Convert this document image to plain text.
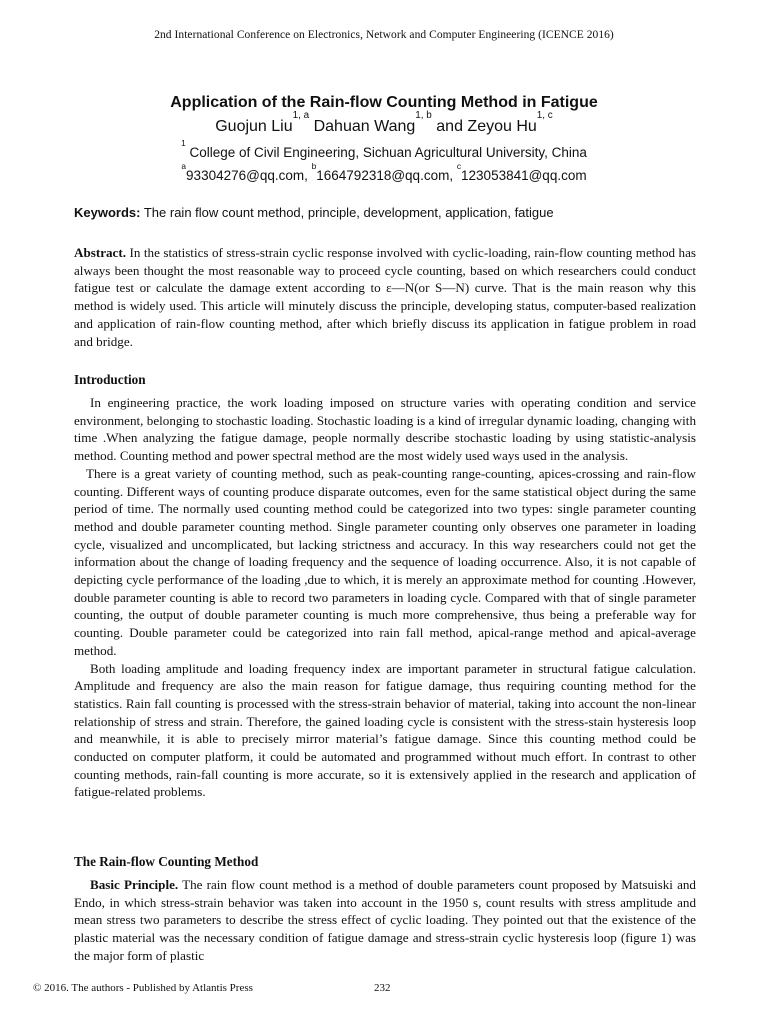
2nd International Conference on Electronics, Network and Computer Engineering (ICENCE 2016)
Application of the Rain-flow Counting Method in Fatigue
Guojun Liu$^{1, a}$ Dahuan Wang$^{1, b}$ and Zeyou Hu$^{1, c}$
$^1$ College of Civil Engineering, Sichuan Agricultural University, China
$^a$93304276@qq.com, $^b$1664792318@qq.com, $^c$123053841@qq.com
Keywords: The rain flow count method, principle, development, application, fatigue
Abstract. In the statistics of stress-strain cyclic response involved with cyclic-loading, rain-flow counting method has always been thought the most reasonable way to proceed cycle counting, based on which researchers could conduct fatigue test or calculate the damage extent according to ε—N(or S—N) curve. That is the main reason why this method is widely used. This article will minutely discuss the principle, developing status, computer-based realization and application of rain-flow counting method, after which briefly discuss its application in fatigue problem in road and bridge.
Introduction

In engineering practice, the work loading imposed on structure varies with operating condition and service environment, belonging to stochastic loading. Stochastic loading is a kind of irregular dynamic loading, changing with time .When analyzing the fatigue damage, people normally describe stochastic loading by using statistic-analysis method. Counting method and power spectral method are the most widely used ways used in the analysis.

There is a great variety of counting method, such as peak-counting range-counting, apices-crossing and rain-flow counting. Different ways of counting produce disparate outcomes, even for the same statistical object during the same period of time. The normally used counting method could be categorized into two types: single parameter counting method and double parameter counting method. Single parameter counting only observes one parameter in loading cycle, visualized and uncomplicated, but lacking strictness and accuracy. In this way researchers could not get the information about the change of loading frequency and the sequence of loading occurrence. Also, it is not capable of depicting cycle performance of the loading ,due to which, it is merely an approximate method for counting .However, double parameter counting is able to record two parameters in loading cycle. Compared with that of single parameter counting, the output of double parameter counting is much more comprehensive, thus being a preferable way for counting. Double parameter could be categorized into rain fall method, apical-range method and apical-average method.

Both loading amplitude and loading frequency index are important parameter in structural fatigue calculation. Amplitude and frequency are also the main reason for fatigue damage, thus requiring counting method for the statistics. Rain fall counting is processed with the stress-strain behavior of material, taking into account the non-linear relationship of stress and strain. Therefore, the gained loading cycle is consistent with the stress-stain hysteresis loop and meanwhile, it is able to precisely mirror material’s fatigue damage. Since this counting method could be conducted on computer platform, it could be automated and programmed without much effort. In contrast to other counting methods, rain-fall counting is more accurate, so it is extensively applied in the research and application of fatigue-related problems.

The Rain-flow Counting Method

Basic Principle. The rain flow count method is a method of double parameters count proposed by Matsuiski and Endo, in which stress-strain behavior was taken into account in the 1950 s, count results with stress amplitude and mean stress two parameters to describe the stress effect of cyclic loading. They pointed out that the existence of the plastic material was the necessary condition of fatigue damage and stress-strain cyclic hysteresis loop (figure 1) was the major form of plastic

© 2016. The authors - Published by Atlantis Press	232
